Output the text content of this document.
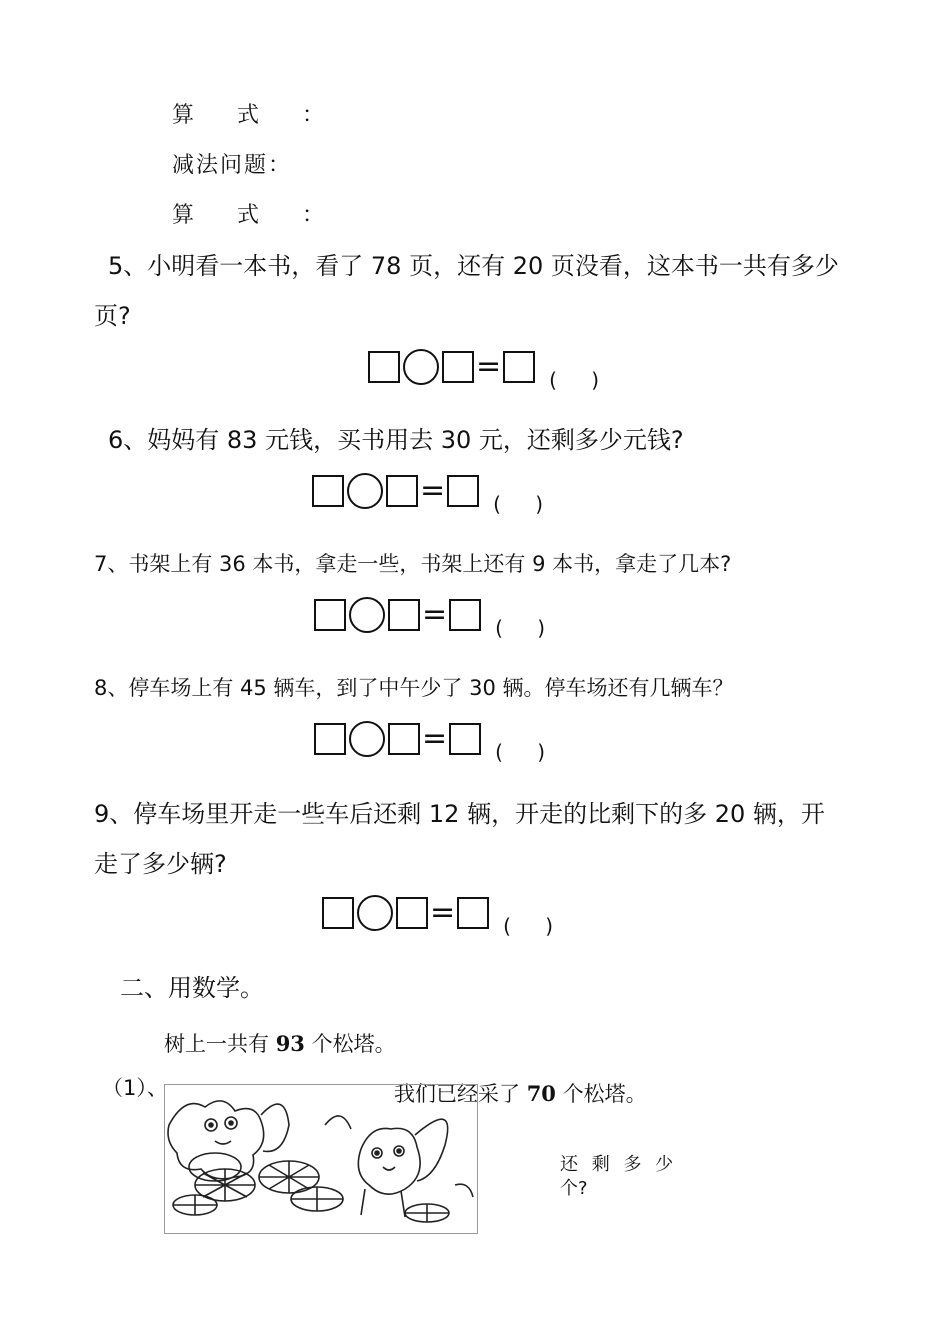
算 式 ：
减法问题：
算 式 ：
5、小明看一本书，看了 78 页，还有 20 页没看，这本书一共有多少
页?
= ( )
6、妈妈有 83 元钱，买书用去 30 元，还剩多少元钱?
= ( )
7、书架上有 36 本书，拿走一些，书架上还有 9 本书，拿走了几本?
= ( )
8、停车场上有 45 辆车，到了中午少了 30 辆。停车场还有几辆车？
= ( )
9、停车场里开走一些车后还剩 12 辆，开走的比剩下的多 20 辆，开
走了多少辆?
= ( )
二、用数学。
树上一共有 93 个松塔。
（1）、	我们已经采了 70 个松塔。
还 剩 多 少
个?
